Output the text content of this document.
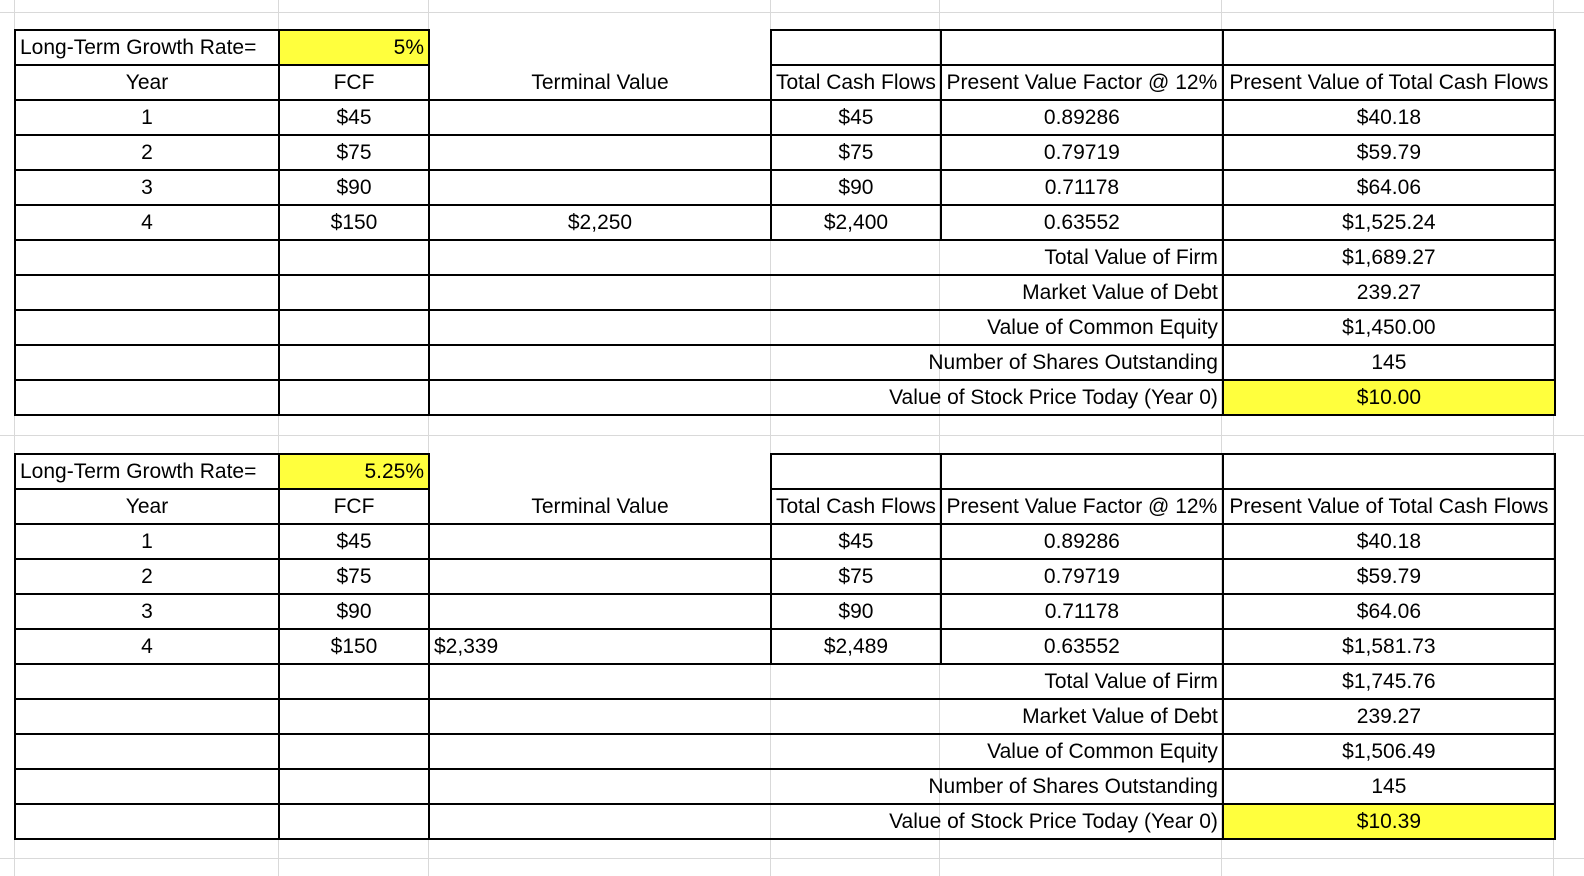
Long-Term Growth Rate=	5%				
Year	FCF	Terminal Value	Total Cash Flows	Present Value Factor @ 12%	Present Value of Total Cash Flows
1	$45		$45	0.89286	$40.18
2	$75		$75	0.79719	$59.79
3	$90		$90	0.71178	$64.06
4	$150	$2,250	$2,400	0.63552	$1,525.24
		Total Value of Firm			$1,689.27
		Market Value of Debt			239.27
		Value of Common Equity			$1,450.00
		Number of Shares Outstanding			145
		Value of Stock Price Today (Year 0)			$10.00
Long-Term Growth Rate=	5.25%				
Year	FCF	Terminal Value	Total Cash Flows	Present Value Factor @ 12%	Present Value of Total Cash Flows
1	$45		$45	0.89286	$40.18
2	$75		$75	0.79719	$59.79
3	$90		$90	0.71178	$64.06
4	$150	$2,339	$2,489	0.63552	$1,581.73
		Total Value of Firm			$1,745.76
		Market Value of Debt			239.27
		Value of Common Equity			$1,506.49
		Number of Shares Outstanding			145
		Value of Stock Price Today (Year 0)			$10.39
